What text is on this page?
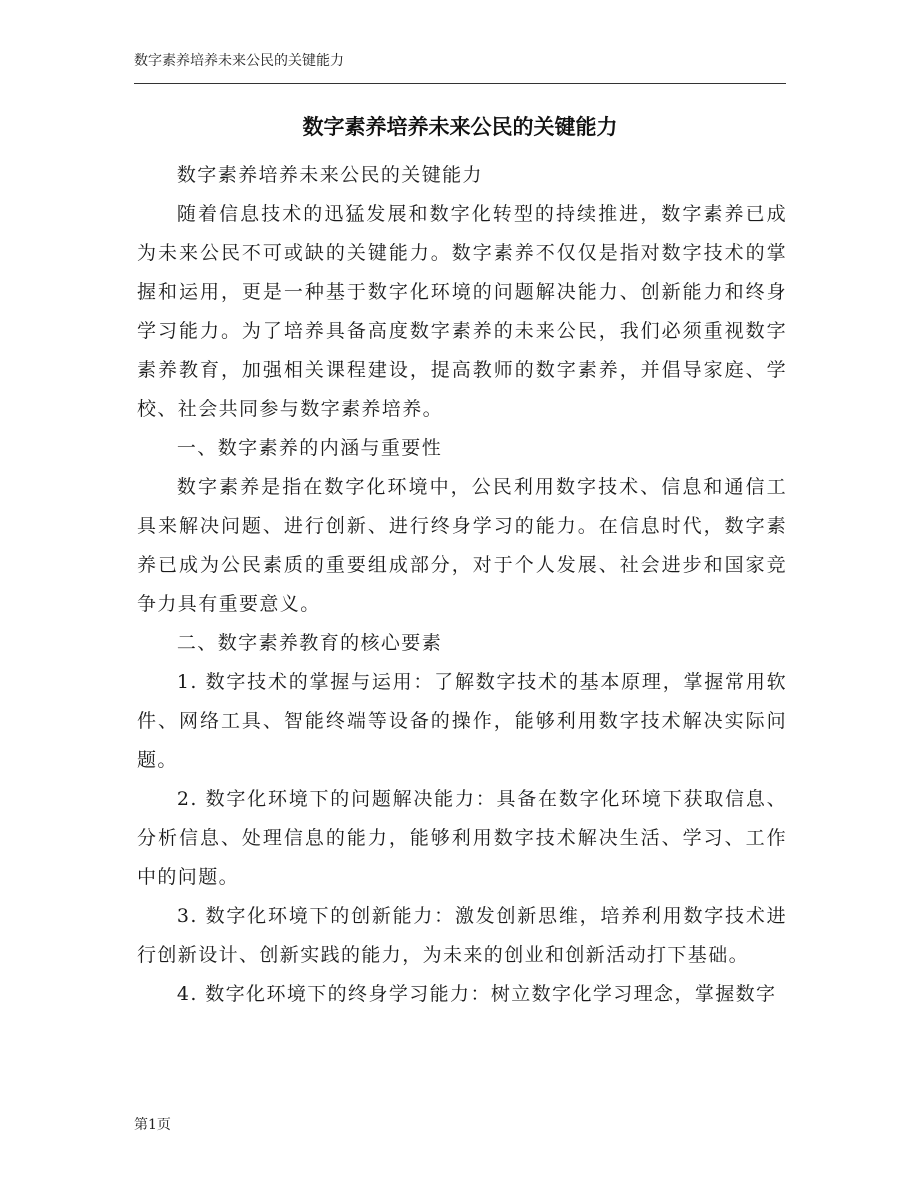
数字素养培养未来公民的关键能力
数字素养培养未来公民的关键能力

数字素养培养未来公民的关键能力

随着信息技术的迅猛发展和数字化转型的持续推进，数字素养已成为未来公民不可或缺的关键能力。数字素养不仅仅是指对数字技术的掌握和运用，更是一种基于数字化环境的问题解决能力、创新能力和终身学习能力。为了培养具备高度数字素养的未来公民，我们必须重视数字素养教育，加强相关课程建设，提高教师的数字素养，并倡导家庭、学校、社会共同参与数字素养培养。

一、数字素养的内涵与重要性

数字素养是指在数字化环境中，公民利用数字技术、信息和通信工具来解决问题、进行创新、进行终身学习的能力。在信息时代，数字素养已成为公民素质的重要组成部分，对于个人发展、社会进步和国家竞争力具有重要意义。

二、数字素养教育的核心要素

1. 数字技术的掌握与运用：了解数字技术的基本原理，掌握常用软件、网络工具、智能终端等设备的操作，能够利用数字技术解决实际问题。

2. 数字化环境下的问题解决能力：具备在数字化环境下获取信息、分析信息、处理信息的能力，能够利用数字技术解决生活、学习、工作中的问题。

3. 数字化环境下的创新能力：激发创新思维，培养利用数字技术进行创新设计、创新实践的能力，为未来的创业和创新活动打下基础。

4. 数字化环境下的终身学习能力：树立数字化学习理念，掌握数字

第1页
